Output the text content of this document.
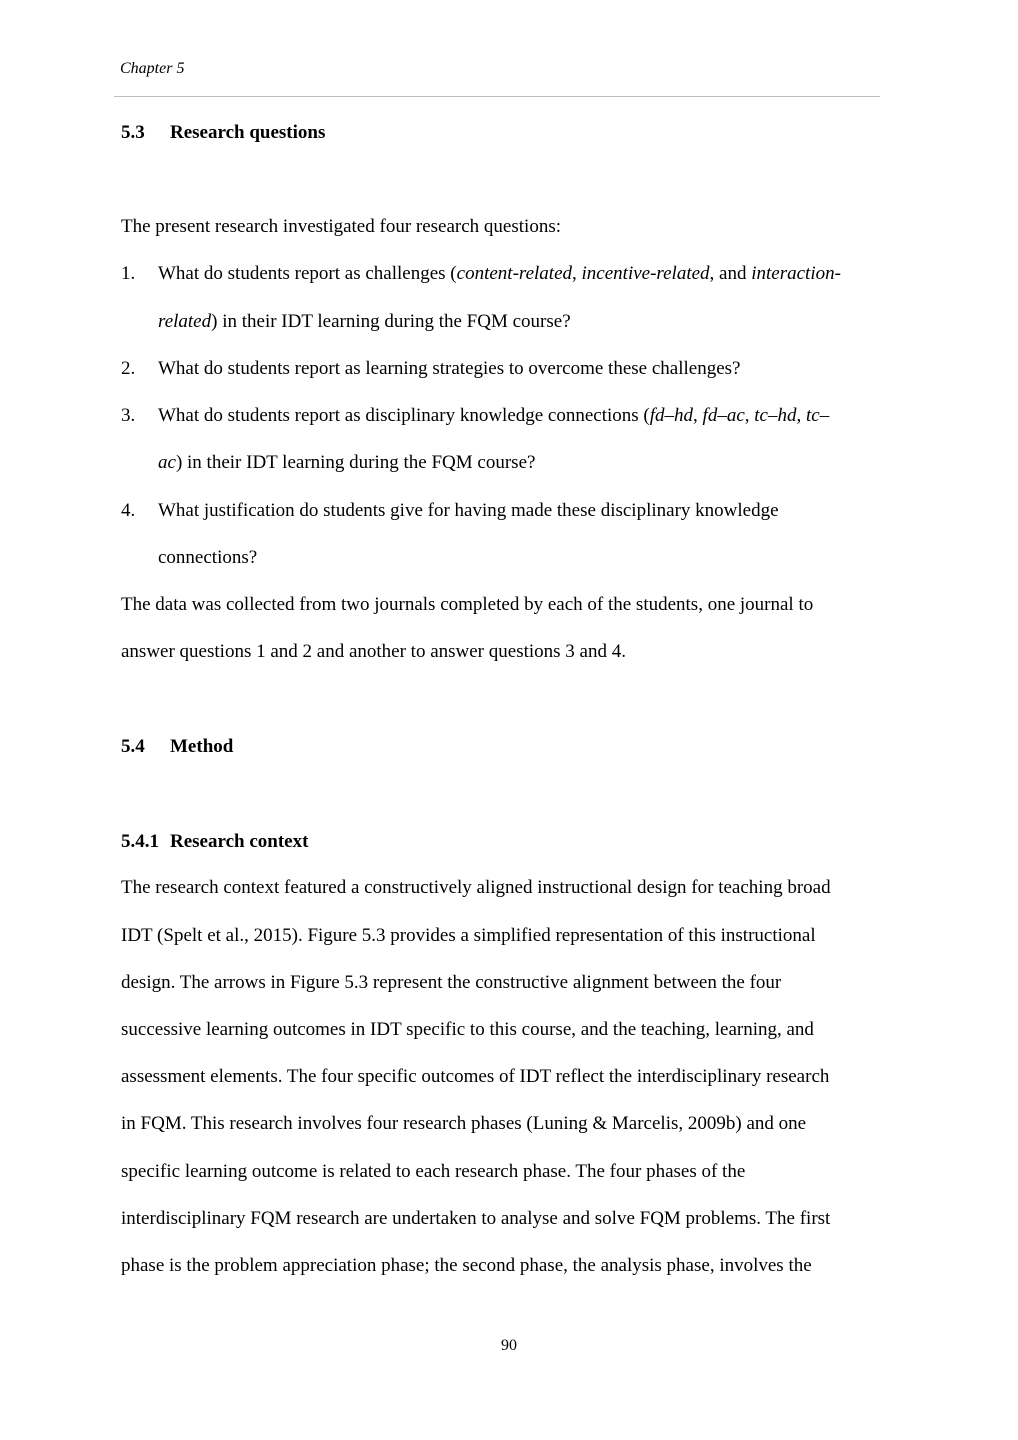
Chapter 5
5.3 Research questions
The present research investigated four research questions:
1. What do students report as challenges (content-related, incentive-related, and interaction-
related) in their IDT learning during the FQM course?
2. What do students report as learning strategies to overcome these challenges?
3. What do students report as disciplinary knowledge connections (fd–hd, fd–ac, tc–hd, tc–
ac) in their IDT learning during the FQM course?
4. What justification do students give for having made these disciplinary knowledge
connections?
The data was collected from two journals completed by each of the students, one journal to
answer questions 1 and 2 and another to answer questions 3 and 4.
5.4 Method
5.4.1 Research context
The research context featured a constructively aligned instructional design for teaching broad
IDT (Spelt et al., 2015). Figure 5.3 provides a simplified representation of this instructional
design. The arrows in Figure 5.3 represent the constructive alignment between the four
successive learning outcomes in IDT specific to this course, and the teaching, learning, and
assessment elements. The four specific outcomes of IDT reflect the interdisciplinary research
in FQM. This research involves four research phases (Luning & Marcelis, 2009b) and one
specific learning outcome is related to each research phase. The four phases of the
interdisciplinary FQM research are undertaken to analyse and solve FQM problems. The first
phase is the problem appreciation phase; the second phase, the analysis phase, involves the
90
